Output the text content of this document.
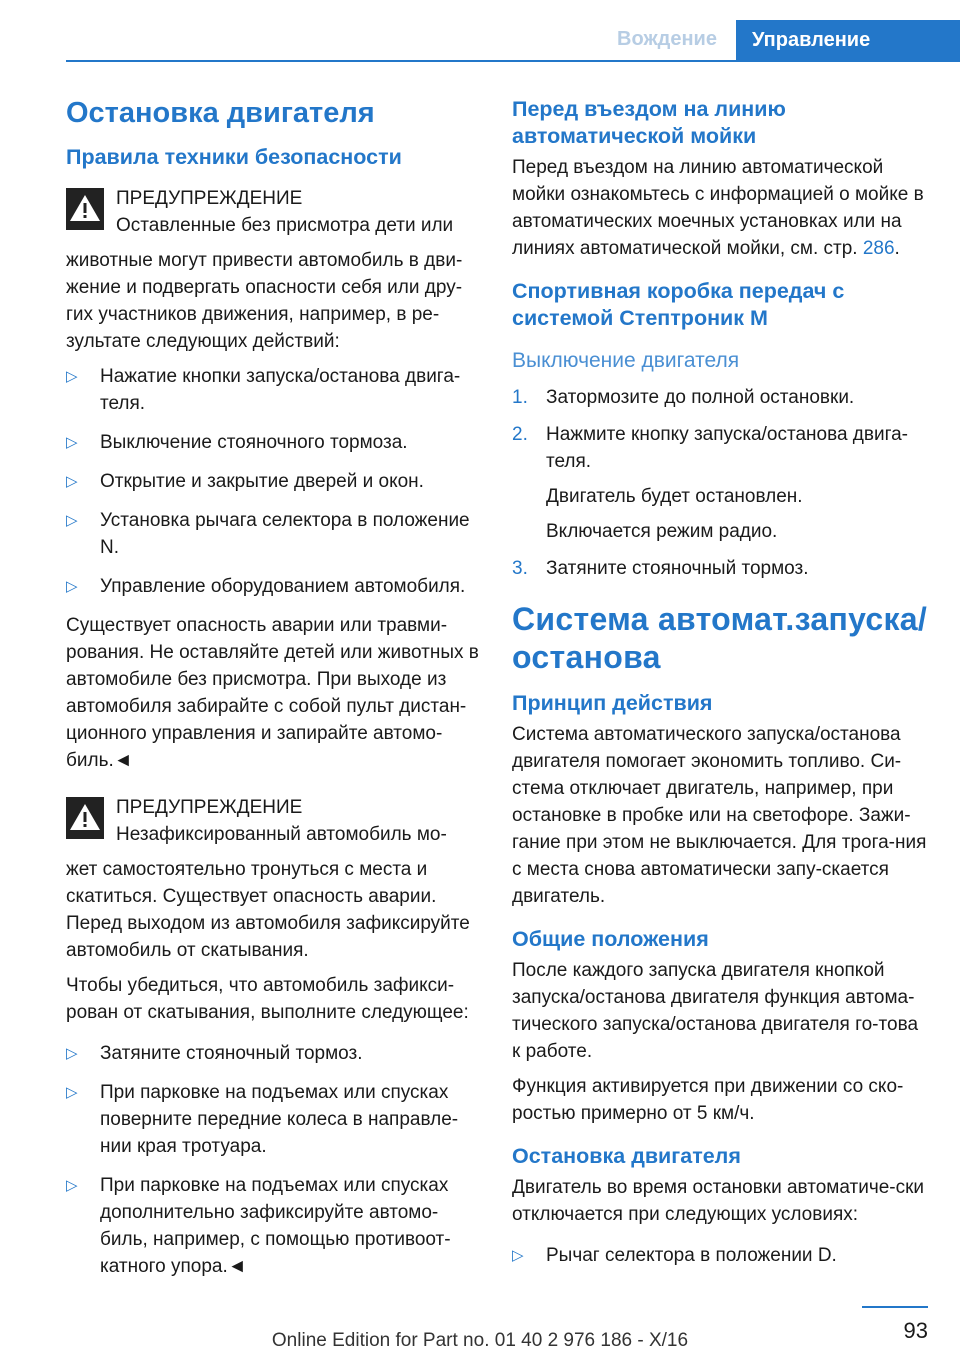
Вождение	Управление
Остановка двигателя
Правила техники безопасности
ПРЕДУПРЕЖДЕНИЕ
Оставленные без присмотра дети или

животные могут привести автомобиль в дви-жение и подвергать опасности себя или дру-гих участников движения, например, в ре-зультате следующих действий:

▷ Нажатие кнопки запуска/останова двига-теля.
▷ Выключение стояночного тормоза.
▷ Открытие и закрытие дверей и окон.
▷ Установка рычага селектора в положение N.
▷ Управление оборудованием автомобиля.

Существует опасность аварии или травми-рования. Не оставляйте детей или животных в автомобиле без присмотра. При выходе из автомобиля забирайте с собой пульт дистан-ционного управления и запирайте автомо-биль.◄

ПРЕДУПРЕЖДЕНИЕ
Незафиксированный автомобиль мо-

жет самостоятельно тронуться с места и скатиться. Существует опасность аварии. Перед выходом из автомобиля зафиксируйте автомобиль от скатывания.

Чтобы убедиться, что автомобиль зафикси-рован от скатывания, выполните следующее:

▷ Затяните стояночный тормоз.
▷ При парковке на подъемах или спусках поверните передние колеса в направле-нии края тротуара.
▷ При парковке на подъемах или спусках дополнительно зафиксируйте автомо-биль, например, с помощью противоот-катного упора.◄
Перед въездом на линию автоматической мойки

Перед въездом на линию автоматической мойки ознакомьтесь с информацией о мойке в автоматических моечных установках или на линиях автоматической мойки, см. стр. 286.

Спортивная коробка передач с системой Стептроник M
Выключение двигателя
1. Затормозите до полной остановки.
2. Нажмите кнопку запуска/останова двига-теля.
Двигатель будет остановлен.
Включается режим радио.
3. Затяните стояночный тормоз.
Система автомат.запуска/ останова
Принцип действия

Система автоматического запуска/останова двигателя помогает экономить топливо. Си-стема отключает двигатель, например, при остановке в пробке или на светофоре. Зажи-гание при этом не выключается. Для трога-ния с места снова автоматически запу-скается двигатель.

Общие положения

После каждого запуска двигателя кнопкой запуска/останова двигателя функция автома-тического запуска/останова двигателя го-това к работе.

Функция активируется при движении со ско-ростью примерно от 5 км/ч.

Остановка двигателя

Двигатель во время остановки автоматиче-ски отключается при следующих условиях:

▷ Рычаг селектора в положении D.
93
Online Edition for Part no. 01 40 2 976 186 - X/16
